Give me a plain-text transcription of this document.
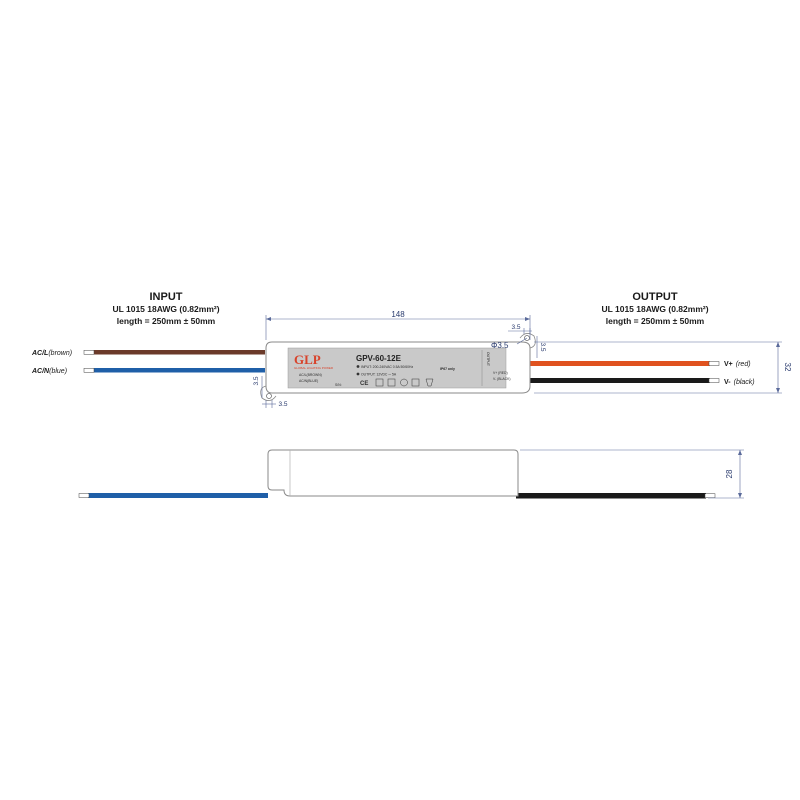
INPUT
UL 1015 18AWG (0.82mm²)
length = 250mm ± 50mm
OUTPUT
UL 1015 18AWG (0.82mm²)
length = 250mm ± 50mm
AC/L(brown)
AC/N(blue)
V+ (red)
V- (black)
GLP
GLOBAL LIGHTING POWER
GPV-60-12E
INPUT: 200-240VAC 0.5A 50/60Hz
OUTPUT: 12VDC ⎓ 5A
IP67 only
AC/L(BROWN)
AC/N(BLUE)
S/N:	CE
OUTPUT
V+ (RED)
V- (BLACK)
148
32
3.5
Φ3.5	3.5
3.5
3.5
28
